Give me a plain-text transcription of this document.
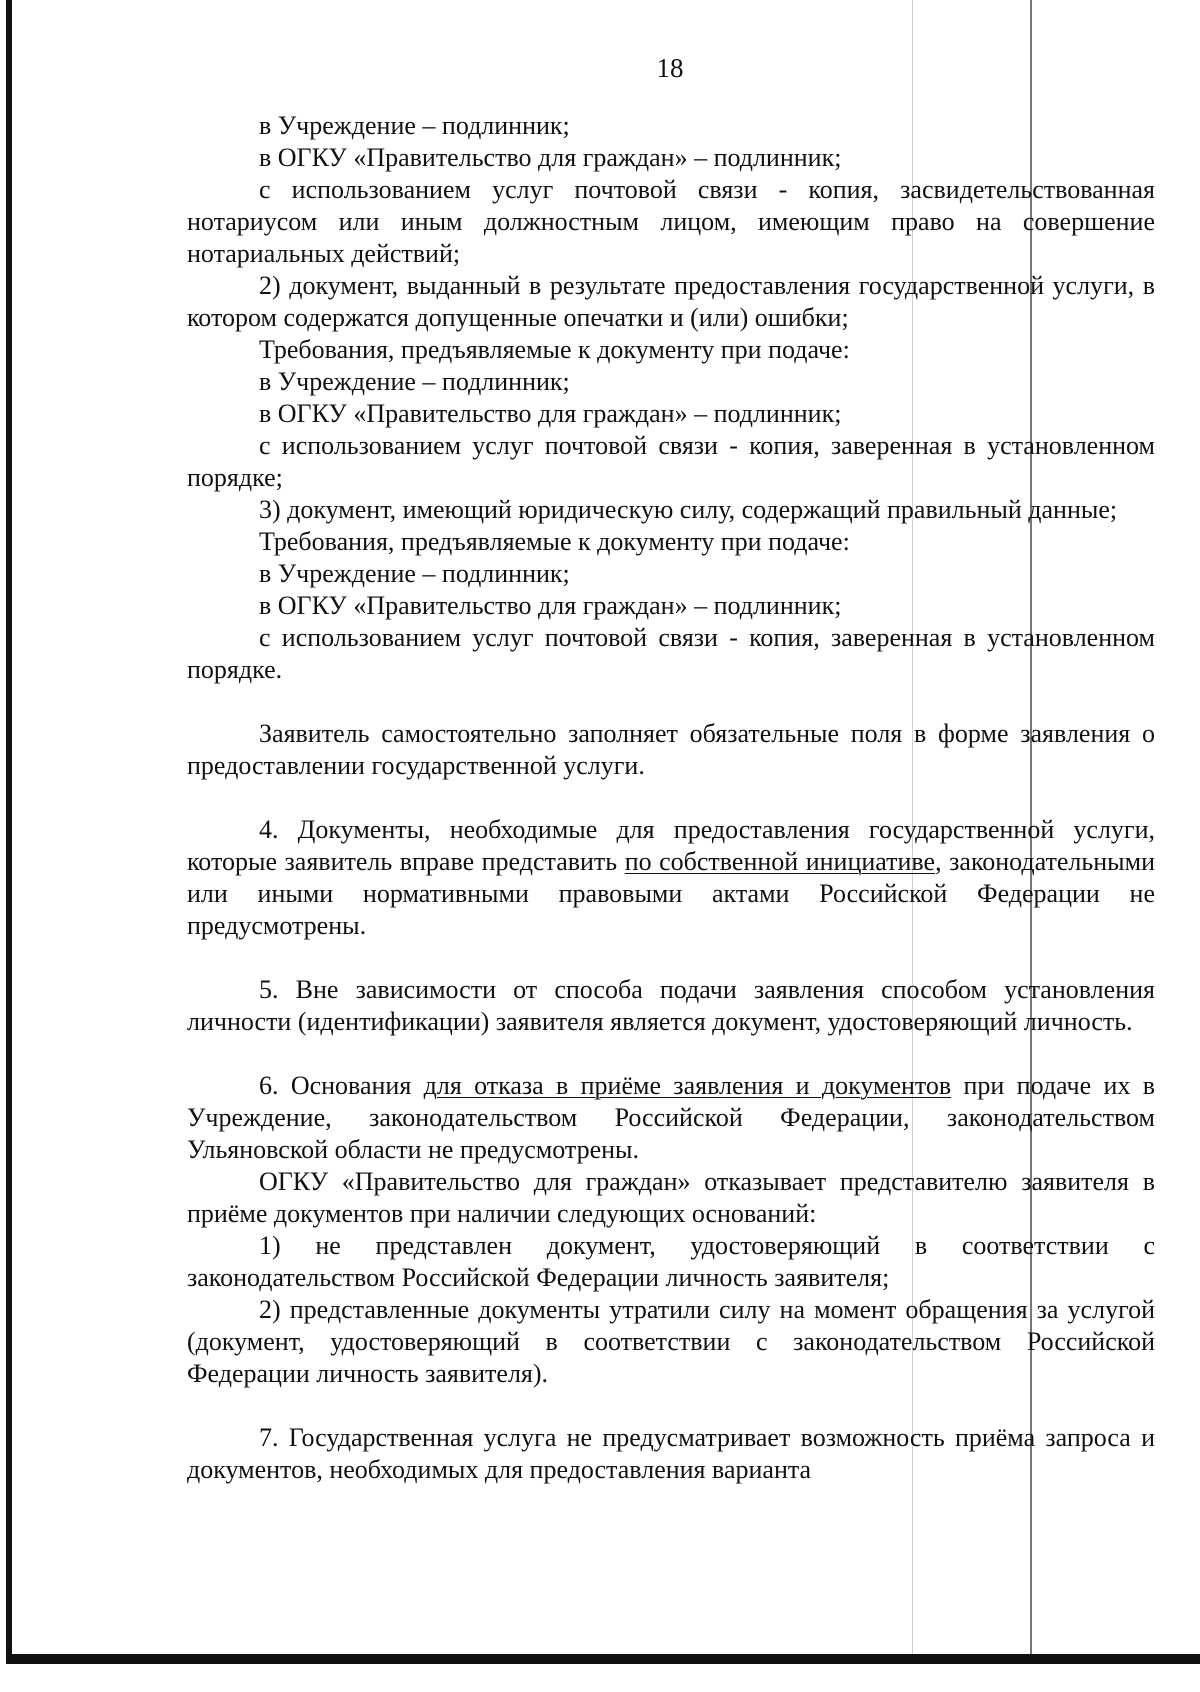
18

в Учреждение – подлинник;

в ОГКУ «Правительство для граждан» – подлинник;

с использованием услуг почтовой связи - копия, засвидетельствованная нотариусом или иным должностным лицом, имеющим право на совершение нотариальных действий;

2) документ, выданный в результате предоставления государственной услуги, в котором содержатся допущенные опечатки и (или) ошибки;

Требования, предъявляемые к документу при подаче:

в Учреждение – подлинник;

в ОГКУ «Правительство для граждан» – подлинник;

с использованием услуг почтовой связи - копия, заверенная в установленном порядке;

3) документ, имеющий юридическую силу, содержащий правильный данные;

Требования, предъявляемые к документу при подаче:

в Учреждение – подлинник;

в ОГКУ «Правительство для граждан» – подлинник;

с использованием услуг почтовой связи - копия, заверенная в установленном порядке.

Заявитель самостоятельно заполняет обязательные поля в форме заявления о предоставлении государственной услуги.

4. Документы, необходимые для предоставления государственной услуги, которые заявитель вправе представить по собственной инициативе, законодательными или иными нормативными правовыми актами Российской Федерации не предусмотрены.

5. Вне зависимости от способа подачи заявления способом установления личности (идентификации) заявителя является документ, удостоверяющий личность.

6. Основания для отказа в приёме заявления и документов при подаче их в Учреждение, законодательством Российской Федерации, законодательством Ульяновской области не предусмотрены.

ОГКУ «Правительство для граждан» отказывает представителю заявителя в приёме документов при наличии следующих оснований:

1) не представлен документ, удостоверяющий в соответствии с законодательством Российской Федерации личность заявителя;

2) представленные документы утратили силу на момент обращения за услугой (документ, удостоверяющий в соответствии с законодательством Российской Федерации личность заявителя).

7. Государственная услуга не предусматривает возможность приёма запроса и документов, необходимых для предоставления варианта
